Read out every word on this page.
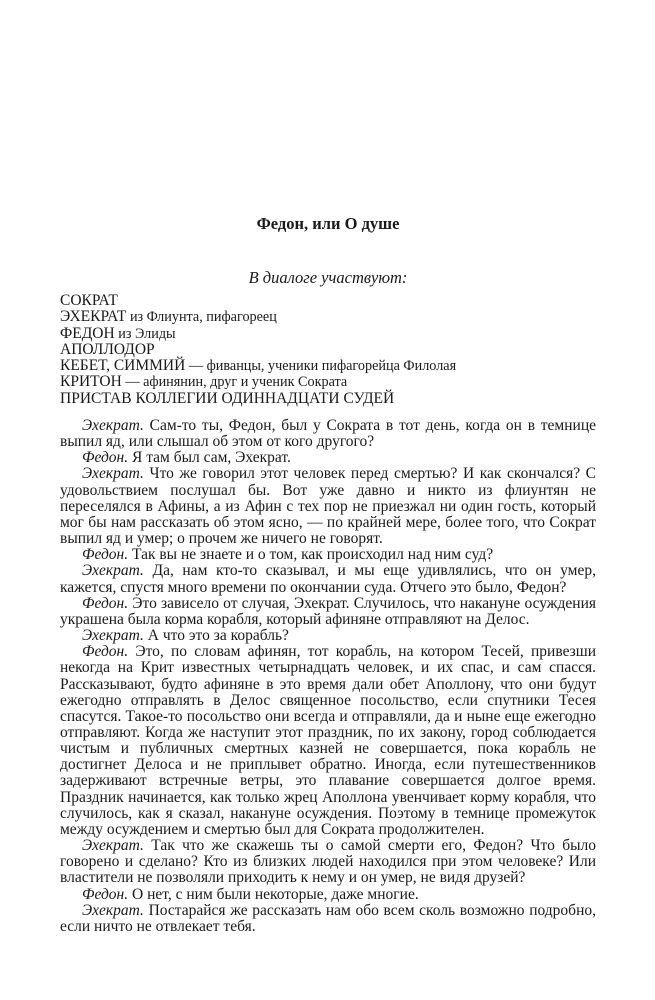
Федон, или О душе
В диалоге участвуют:
СОКРАТ
ЭХЕКРАТ из Флиунта, пифагореец
ФЕДОН из Элиды
АПОЛЛОДОР
КЕБЕТ, СИММИЙ — фиванцы, ученики пифагорейца Филолая
КРИТОН — афинянин, друг и ученик Сократа
ПРИСТАВ КОЛЛЕГИИ ОДИННАДЦАТИ СУДЕЙ

Эхекрат. Сам-то ты, Федон, был у Сократа в тот день, когда он в темнице выпил яд, или слышал об этом от кого другого?

Федон. Я там был сам, Эхекрат.

Эхекрат. Что же говорил этот человек перед смертью? И как скончался? С удовольствием послушал бы. Вот уже давно и никто из флиунтян не переселялся в Афины, а из Афин с тех пор не приезжал ни один гость, который мог бы нам рассказать об этом ясно, — по крайней мере, более того, что Сократ выпил яд и умер; о прочем же ничего не говорят.

Федон. Так вы не знаете и о том, как происходил над ним суд?

Эхекрат. Да, нам кто-то сказывал, и мы еще удивлялись, что он умер, кажется, спустя много времени по окончании суда. Отчего это было, Федон?

Федон. Это зависело от случая, Эхекрат. Случилось, что накануне осуждения украшена была корма корабля, который афиняне отправляют на Делос.

Эхекрат. А что это за корабль?

Федон. Это, по словам афинян, тот корабль, на котором Тесей, привезши некогда на Крит известных четырнадцать человек, и их спас, и сам спасся. Рассказывают, будто афиняне в это время дали обет Аполлону, что они будут ежегодно отправлять в Делос священное посольство, если спутники Тесея спасутся. Такое-то посольство они всегда и отправляли, да и ныне еще ежегодно отправляют. Когда же наступит этот праздник, по их закону, город соблюдается чистым и публичных смертных казней не совершается, пока корабль не достигнет Делоса и не приплывет обратно. Иногда, если путешественников задерживают встречные ветры, это плавание совершается долгое время. Праздник начинается, как только жрец Аполлона увенчивает корму корабля, что случилось, как я сказал, накануне осуждения. Поэтому в темнице промежуток между осуждением и смертью был для Сократа продолжителен.

Эхекрат. Так что же скажешь ты о самой смерти его, Федон? Что было говорено и сделано? Кто из близких людей находился при этом человеке? Или властители не позволяли приходить к нему и он умер, не видя друзей?

Федон. О нет, с ним были некоторые, даже многие.

Эхекрат. Постарайся же рассказать нам обо всем сколь возможно подробно, если ничто не отвлекает тебя.
